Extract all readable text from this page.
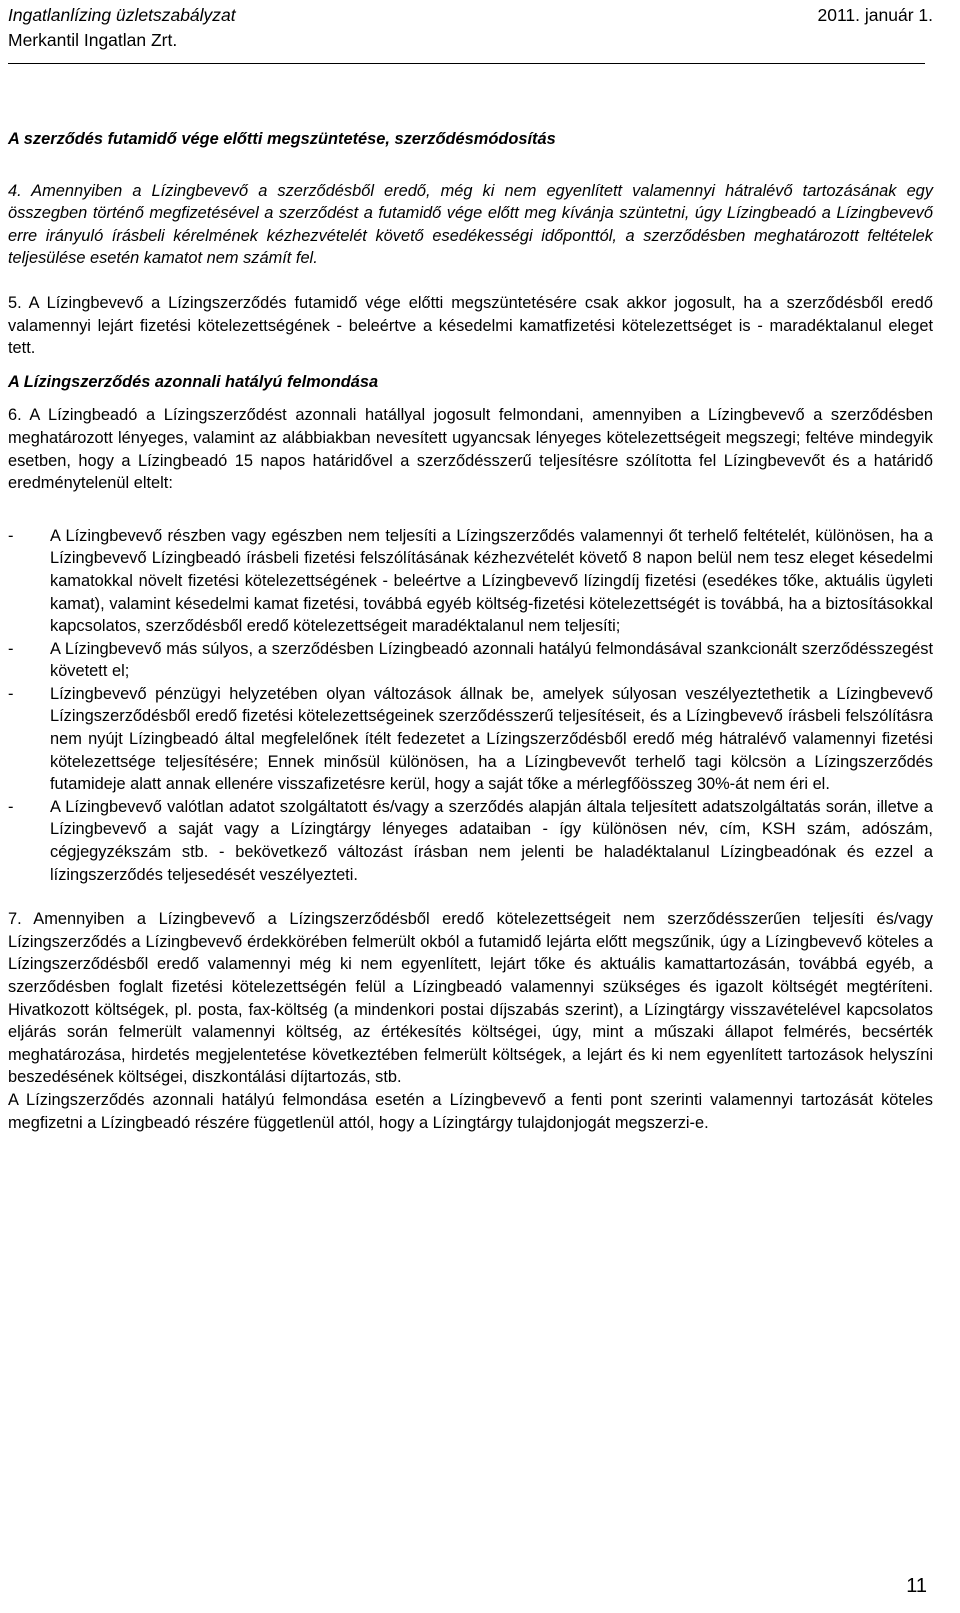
Ingatlanlízing üzletszabályzat	2011. január 1.
Merkantil Ingatlan Zrt.

A szerződés futamidő vége előtti megszüntetése, szerződésmódosítás

4. Amennyiben a Lízingbevevő a szerződésből eredő, még ki nem egyenlített valamennyi hátralévő tartozásának egy összegben történő megfizetésével a szerződést a futamidő vége előtt meg kívánja szüntetni, úgy Lízingbeadó a Lízingbevevő erre irányuló írásbeli kérelmének kézhezvételét követő esedékességi időponttól, a szerződésben meghatározott feltételek teljesülése esetén kamatot nem számít fel.

5. A Lízingbevevő a Lízingszerződés futamidő vége előtti megszüntetésére csak akkor jogosult, ha a szerződésből eredő valamennyi lejárt fizetési kötelezettségének - beleértve a késedelmi kamatfizetési kötelezettséget is - maradéktalanul eleget tett.

A Lízingszerződés azonnali hatályú felmondása

6. A Lízingbeadó a Lízingszerződést azonnali hatállyal jogosult felmondani, amennyiben a Lízingbevevő a szerződésben meghatározott lényeges, valamint az alábbiakban nevesített ugyancsak lényeges kötelezettségeit megszegi; feltéve mindegyik esetben, hogy a Lízingbeadó 15 napos határidővel a szerződésszerű teljesítésre szólította fel Lízingbevevőt és a határidő eredménytelenül eltelt:

- A Lízingbevevő részben vagy egészben nem teljesíti a Lízingszerződés valamennyi őt terhelő feltételét, különösen, ha a Lízingbevevő Lízingbeadó írásbeli fizetési felszólításának kézhezvételét követő 8 napon belül nem tesz eleget késedelmi kamatokkal növelt fizetési kötelezettségének - beleértve a Lízingbevevő lízingdíj fizetési (esedékes tőke, aktuális ügyleti kamat), valamint késedelmi kamat fizetési, továbbá egyéb költség-fizetési kötelezettségét is továbbá, ha a biztosításokkal kapcsolatos, szerződésből eredő kötelezettségeit maradéktalanul nem teljesíti;
- A Lízingbevevő más súlyos, a szerződésben Lízingbeadó azonnali hatályú felmondásával szankcionált szerződésszegést követett el;
- Lízingbevevő pénzügyi helyzetében olyan változások állnak be, amelyek súlyosan veszélyeztethetik a Lízingbevevő Lízingszerződésből eredő fizetési kötelezettségeinek szerződésszerű teljesítéseit, és a Lízingbevevő írásbeli felszólításra nem nyújt Lízingbeadó által megfelelőnek ítélt fedezetet a Lízingszerződésből eredő még hátralévő valamennyi fizetési kötelezettsége teljesítésére; Ennek minősül különösen, ha a Lízingbevevőt terhelő tagi kölcsön a Lízingszerződés futamideje alatt annak ellenére visszafizetésre kerül, hogy a saját tőke a mérlegfőösszeg 30%-át nem éri el.
- A Lízingbevevő valótlan adatot szolgáltatott és/vagy a szerződés alapján általa teljesített adatszolgáltatás során, illetve a Lízingbevevő a saját vagy a Lízingtárgy lényeges adataiban - így különösen név, cím, KSH szám, adószám, cégjegyzékszám stb. - bekövetkező változást írásban nem jelenti be haladéktalanul Lízingbeadónak és ezzel a lízingszerződés teljesedését veszélyezteti.

7. Amennyiben a Lízingbevevő a Lízingszerződésből eredő kötelezettségeit nem szerződésszerűen teljesíti és/vagy Lízingszerződés a Lízingbevevő érdekkörében felmerült okból a futamidő lejárta előtt megszűnik, úgy a Lízingbevevő köteles a Lízingszerződésből eredő valamennyi még ki nem egyenlített, lejárt tőke és aktuális kamattartozásán, továbbá egyéb, a szerződésben foglalt fizetési kötelezettségén felül a Lízingbeadó valamennyi szükséges és igazolt költségét megtéríteni. Hivatkozott költségek, pl. posta, fax-költség (a mindenkori postai díjszabás szerint), a Lízingtárgy visszavételével kapcsolatos eljárás során felmerült valamennyi költség, az értékesítés költségei, úgy, mint a műszaki állapot felmérés, becsérték meghatározása, hirdetés megjelentetése következtében felmerült költségek, a lejárt és ki nem egyenlített tartozások helyszíni beszedésének költségei, diszkontálási díjtartozás, stb.

A Lízingszerződés azonnali hatályú felmondása esetén a Lízingbevevő a fenti pont szerinti valamennyi tartozását köteles megfizetni a Lízingbeadó részére függetlenül attól, hogy a Lízingtárgy tulajdonjogát megszerzi-e.

11
